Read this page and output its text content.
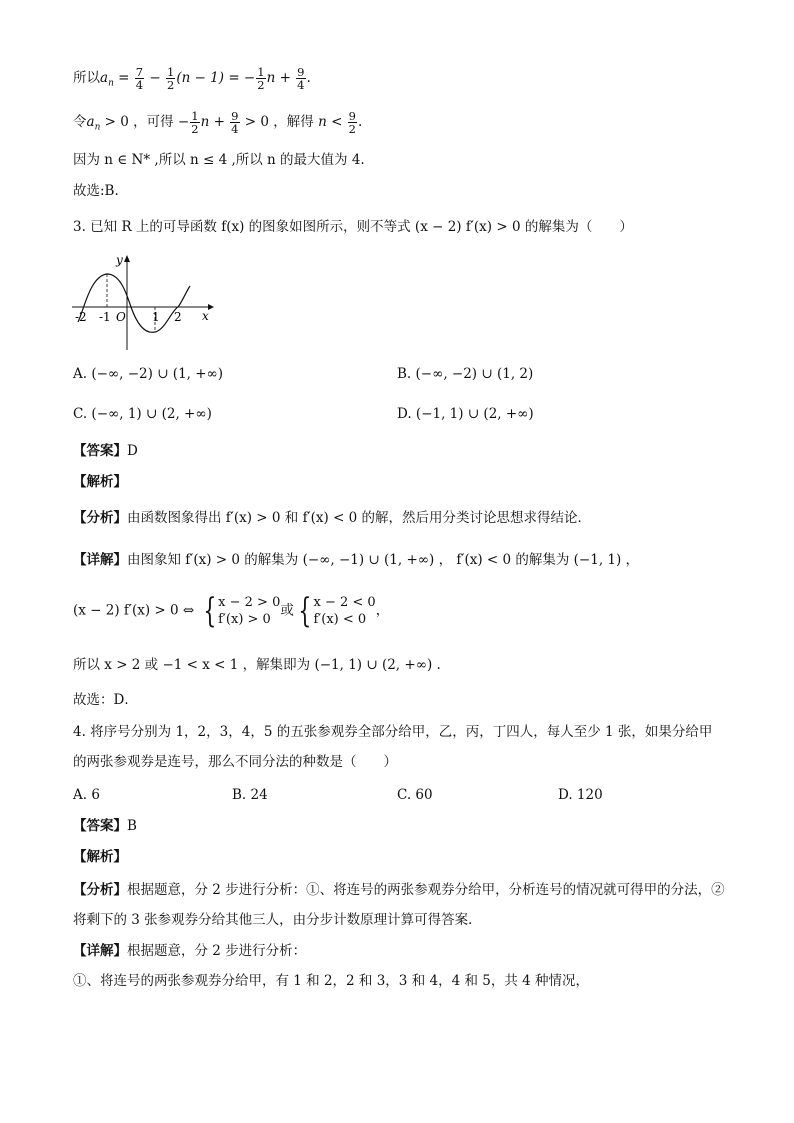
所以$a_n = \frac{7}{4} - \frac{1}{2} (n - 1)$ = − $\frac{1}{2}$ $n + \frac{9}{4}$ .
令$a_n > 0$ ，可得 − $\frac{1}{2}$ $n + \frac{9}{4} > 0$ ，解得 $n < \frac{9}{2}$ .
因为 n ∈ N* ,所以 n ≤ 4 ,所以 n 的最大值为 4.
故选:B.
3. 已知 R 上的可导函数 f(x) 的图象如图所示，则不等式 (x − 2) f′(x) > 0 的解集为（　　）
y
x
O
-2 -1	1 2
A. (−∞, −2) ∪ (1, +∞)	B. (−∞, −2) ∪ (1, 2)
C. (−∞, 1) ∪ (2, +∞)	D. (−1, 1) ∪ (2, +∞)
【答案】D
【解析】
【分析】由函数图象得出 f′(x) > 0 和 f′(x) < 0 的解，然后用分类讨论思想求得结论．
【详解】由图象知 f′(x) > 0 的解集为 (−∞, −1) ∪ (1, +∞) ， f′(x) < 0 的解集为 (−1, 1) ，
(x − 2) f′(x) > 0 ⇔ { x − 2 > 0
f′(x) > 0
或 { x − 2 < 0
f′(x) < 0
，
所以 x > 2 或 −1 < x < 1 ，解集即为 (−1, 1) ∪ (2, +∞) .
故选：D．
4. 将序号分别为 1，2，3，4，5 的五张参观券全部分给甲，乙，丙，丁四人，每人至少 1 张，如果分给甲
的两张参观券是连号，那么不同分法的种数是（　　）
A. 6	B. 24	C. 60	D. 120
【答案】B
【解析】
【分析】根据题意，分 2 步进行分析：①、将连号的两张参观券分给甲，分析连号的情况就可得甲的分法，②
将剩下的 3 张参观券分给其他三人，由分步计数原理计算可得答案．
【详解】根据题意，分 2 步进行分析：
①、将连号的两张参观券分给甲，有 1 和 2，2 和 3，3 和 4，4 和 5，共 4 种情况，
